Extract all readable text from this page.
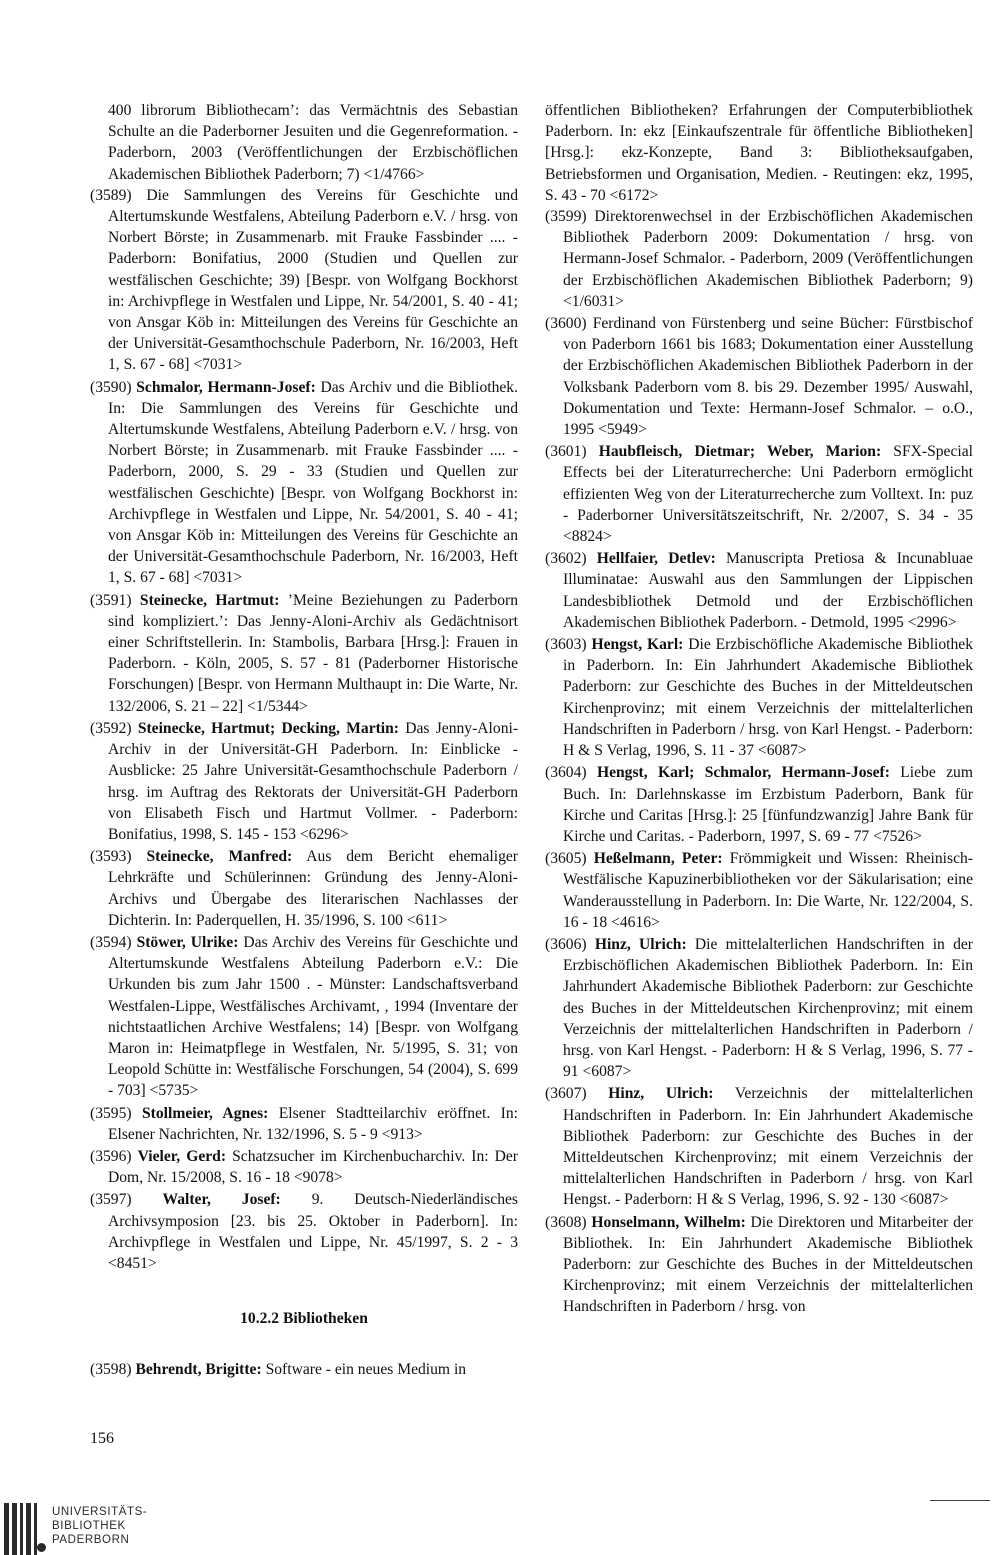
400 librorum Bibliothecam’: das Vermächtnis des Sebastian Schulte an die Paderborner Jesuiten und die Gegenreformation. - Paderborn, 2003 (Veröffentlichungen der Erzbischöflichen Akademischen Bibliothek Paderborn; 7) <1/4766>

(3589) Die Sammlungen des Vereins für Geschichte und Altertumskunde Westfalens, Abteilung Paderborn e.V. / hrsg. von Norbert Börste; in Zusammenarb. mit Frauke Fassbinder .... - Paderborn: Bonifatius, 2000 (Studien und Quellen zur westfälischen Geschichte; 39) [Bespr. von Wolfgang Bockhorst in: Archivpflege in Westfalen und Lippe, Nr. 54/2001, S. 40 - 41; von Ansgar Köb in: Mitteilungen des Vereins für Geschichte an der Universität-Gesamthochschule Paderborn, Nr. 16/2003, Heft 1, S. 67 - 68] <7031>

(3590) Schmalor, Hermann-Josef: Das Archiv und die Bibliothek. In: Die Sammlungen des Vereins für Geschichte und Altertumskunde Westfalens, Abteilung Paderborn e.V. / hrsg. von Norbert Börste; in Zusammenarb. mit Frauke Fassbinder .... - Paderborn, 2000, S. 29 - 33 (Studien und Quellen zur westfälischen Geschichte) [Bespr. von Wolfgang Bockhorst in: Archivpflege in Westfalen und Lippe, Nr. 54/2001, S. 40 - 41; von Ansgar Köb in: Mitteilungen des Vereins für Geschichte an der Universität-Gesamthochschule Paderborn, Nr. 16/2003, Heft 1, S. 67 - 68] <7031>

(3591) Steinecke, Hartmut: ’Meine Beziehungen zu Paderborn sind kompliziert.’: Das Jenny-Aloni-Archiv als Gedächtnisort einer Schriftstellerin. In: Stambolis, Barbara [Hrsg.]: Frauen in Paderborn. - Köln, 2005, S. 57 - 81 (Paderborner Historische Forschungen) [Bespr. von Hermann Multhaupt in: Die Warte, Nr. 132/2006, S. 21 – 22] <1/5344>

(3592) Steinecke, Hartmut; Decking, Martin: Das Jenny-Aloni-Archiv in der Universität-GH Paderborn. In: Einblicke - Ausblicke: 25 Jahre Universität-Gesamthochschule Paderborn / hrsg. im Auftrag des Rektorats der Universität-GH Paderborn von Elisabeth Fisch und Hartmut Vollmer. - Paderborn: Bonifatius, 1998, S. 145 - 153 <6296>

(3593) Steinecke, Manfred: Aus dem Bericht ehemaliger Lehrkräfte und Schülerinnen: Gründung des Jenny-Aloni-Archivs und Übergabe des literarischen Nachlasses der Dichterin. In: Paderquellen, H. 35/1996, S. 100 <611>

(3594) Stöwer, Ulrike: Das Archiv des Vereins für Geschichte und Altertumskunde Westfalens Abteilung Paderborn e.V.: Die Urkunden bis zum Jahr 1500 . - Münster: Landschaftsverband Westfalen-Lippe, Westfälisches Archivamt, , 1994 (Inventare der nichtstaatlichen Archive Westfalens; 14) [Bespr. von Wolfgang Maron in: Heimatpflege in Westfalen, Nr. 5/1995, S. 31; von Leopold Schütte in: Westfälische Forschungen, 54 (2004), S. 699 - 703] <5735>

(3595) Stollmeier, Agnes: Elsener Stadtteilarchiv eröffnet. In: Elsener Nachrichten, Nr. 132/1996, S. 5 - 9 <913>

(3596) Vieler, Gerd: Schatzsucher im Kirchenbucharchiv. In: Der Dom, Nr. 15/2008, S. 16 - 18 <9078>

(3597) Walter, Josef: 9. Deutsch-Niederländisches Archivsymposion [23. bis 25. Oktober in Paderborn]. In: Archivpflege in Westfalen und Lippe, Nr. 45/1997, S. 2 - 3 <8451>

10.2.2 Bibliotheken

(3598) Behrendt, Brigitte: Software - ein neues Medium in

öffentlichen Bibliotheken? Erfahrungen der Computerbibliothek Paderborn. In: ekz [Einkaufszentrale für öffentliche Bibliotheken] [Hrsg.]: ekz-Konzepte, Band 3: Bibliotheksaufgaben, Betriebsformen und Organisation, Medien. - Reutingen: ekz, 1995, S. 43 - 70 <6172>

(3599) Direktorenwechsel in der Erzbischöflichen Akademischen Bibliothek Paderborn 2009: Dokumentation / hrsg. von Hermann-Josef Schmalor. - Paderborn, 2009 (Veröffentlichungen der Erzbischöflichen Akademischen Bibliothek Paderborn; 9) <1/6031>

(3600) Ferdinand von Fürstenberg und seine Bücher: Fürstbischof von Paderborn 1661 bis 1683; Dokumentation einer Ausstellung der Erzbischöflichen Akademischen Bibliothek Paderborn in der Volksbank Paderborn vom 8. bis 29. Dezember 1995/ Auswahl, Dokumentation und Texte: Hermann-Josef Schmalor. – o.O., 1995 <5949>

(3601) Haubfleisch, Dietmar; Weber, Marion: SFX-Special Effects bei der Literaturrecherche: Uni Paderborn ermöglicht effizienten Weg von der Literaturrecherche zum Volltext. In: puz - Paderborner Universitätszeitschrift, Nr. 2/2007, S. 34 - 35 <8824>

(3602) Hellfaier, Detlev: Manuscripta Pretiosa & Incunabluae Illuminatae: Auswahl aus den Sammlungen der Lippischen Landesbibliothek Detmold und der Erzbischöflichen Akademischen Bibliothek Paderborn. - Detmold, 1995 <2996>

(3603) Hengst, Karl: Die Erzbischöfliche Akademische Bibliothek in Paderborn. In: Ein Jahrhundert Akademische Bibliothek Paderborn: zur Geschichte des Buches in der Mitteldeutschen Kirchenprovinz; mit einem Verzeichnis der mittelalterlichen Handschriften in Paderborn / hrsg. von Karl Hengst. - Paderborn: H & S Verlag, 1996, S. 11 - 37 <6087>

(3604) Hengst, Karl; Schmalor, Hermann-Josef: Liebe zum Buch. In: Darlehnskasse im Erzbistum Paderborn, Bank für Kirche und Caritas [Hrsg.]: 25 [fünfundzwanzig] Jahre Bank für Kirche und Caritas. - Paderborn, 1997, S. 69 - 77 <7526>

(3605) Heßelmann, Peter: Frömmigkeit und Wissen: Rheinisch-Westfälische Kapuzinerbibliotheken vor der Säkularisation; eine Wanderausstellung in Paderborn. In: Die Warte, Nr. 122/2004, S. 16 - 18 <4616>

(3606) Hinz, Ulrich: Die mittelalterlichen Handschriften in der Erzbischöflichen Akademischen Bibliothek Paderborn. In: Ein Jahrhundert Akademische Bibliothek Paderborn: zur Geschichte des Buches in der Mitteldeutschen Kirchenprovinz; mit einem Verzeichnis der mittelalterlichen Handschriften in Paderborn / hrsg. von Karl Hengst. - Paderborn: H & S Verlag, 1996, S. 77 - 91 <6087>

(3607) Hinz, Ulrich: Verzeichnis der mittelalterlichen Handschriften in Paderborn. In: Ein Jahrhundert Akademische Bibliothek Paderborn: zur Geschichte des Buches in der Mitteldeutschen Kirchenprovinz; mit einem Verzeichnis der mittelalterlichen Handschriften in Paderborn / hrsg. von Karl Hengst. - Paderborn: H & S Verlag, 1996, S. 92 - 130 <6087>

(3608) Honselmann, Wilhelm: Die Direktoren und Mitarbeiter der Bibliothek. In: Ein Jahrhundert Akademische Bibliothek Paderborn: zur Geschichte des Buches in der Mitteldeutschen Kirchenprovinz; mit einem Verzeichnis der mittelalterlichen Handschriften in Paderborn / hrsg. von

156
UNIVERSITÄTS-
BIBLIOTHEK
PADERBORN
